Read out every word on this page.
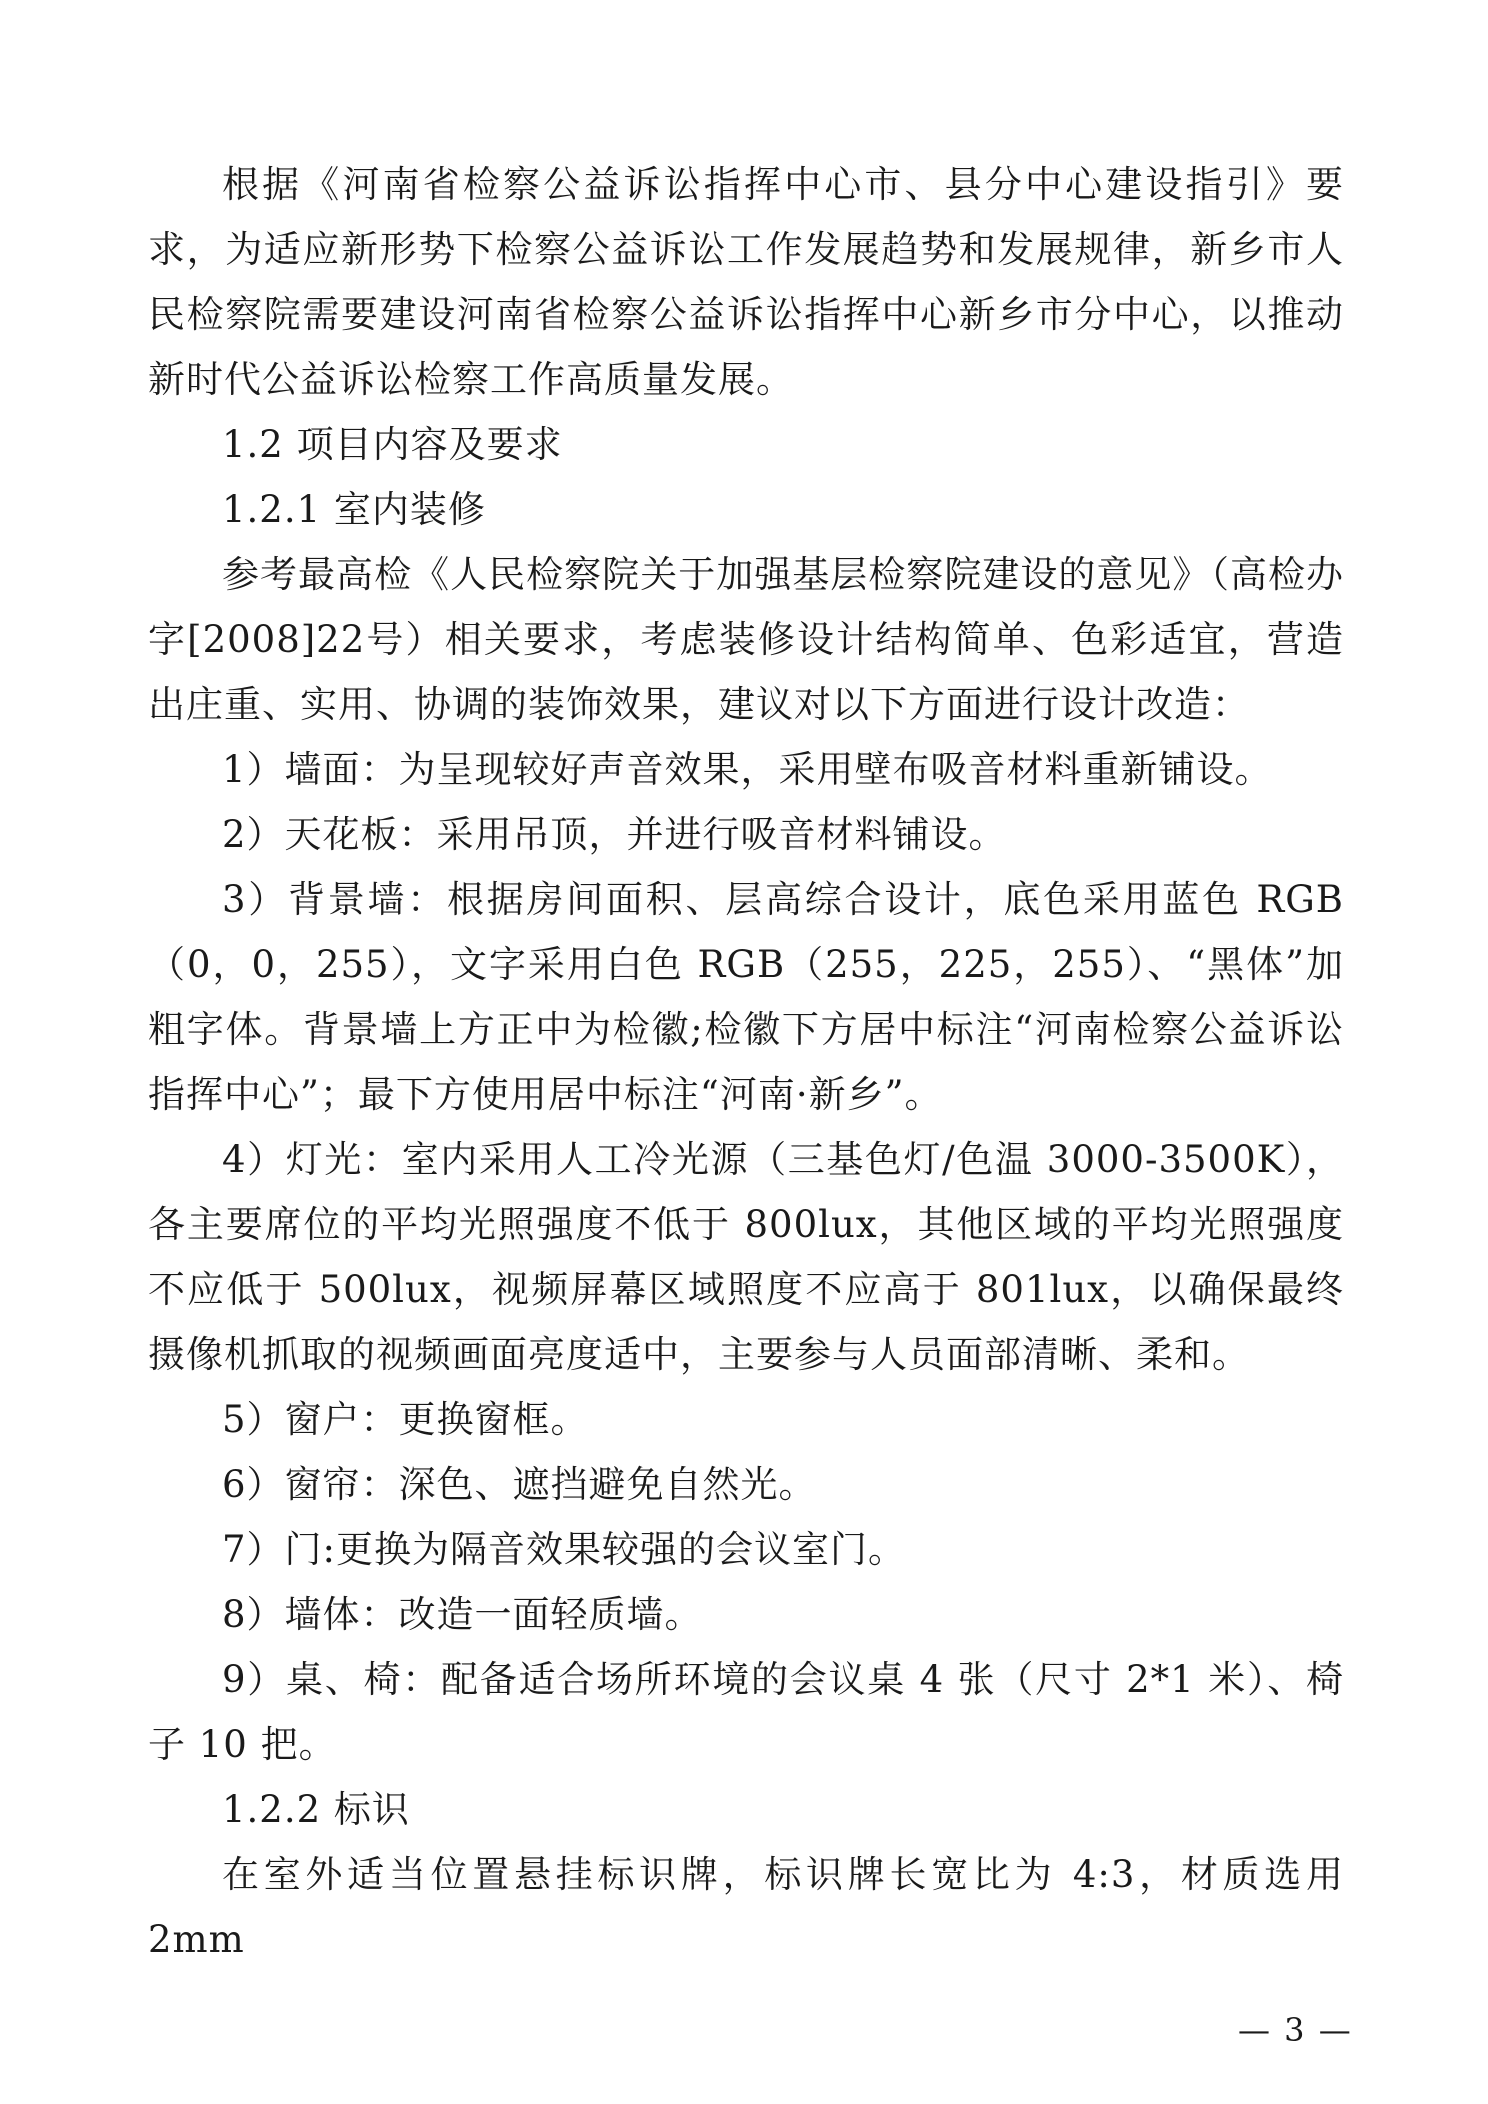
根据《河南省检察公益诉讼指挥中心市、县分中心建设指引》要求，为适应新形势下检察公益诉讼工作发展趋势和发展规律，新乡市人民检察院需要建设河南省检察公益诉讼指挥中心新乡市分中心，以推动新时代公益诉讼检察工作高质量发展。

1.2 项目内容及要求

1.2.1 室内装修

参考最高检《人民检察院关于加强基层检察院建设的意见》（高检办字[2008]22号）相关要求，考虑装修设计结构简单、色彩适宜，营造出庄重、实用、协调的装饰效果，建议对以下方面进行设计改造：

1）墙面：为呈现较好声音效果，采用壁布吸音材料重新铺设。

2）天花板：采用吊顶，并进行吸音材料铺设。

3）背景墙：根据房间面积、层高综合设计，底色采用蓝色 RGB（0，0，255），文字采用白色 RGB（255，225，255）、“黑体”加粗字体。背景墙上方正中为检徽;检徽下方居中标注“河南检察公益诉讼指挥中心”；最下方使用居中标注“河南·新乡”。

4）灯光：室内采用人工冷光源（三基色灯/色温 3000-3500K），各主要席位的平均光照强度不低于 800lux，其他区域的平均光照强度不应低于 500lux，视频屏幕区域照度不应高于 801lux，以确保最终摄像机抓取的视频画面亮度适中，主要参与人员面部清晰、柔和。

5）窗户：更换窗框。

6）窗帘：深色、遮挡避免自然光。

7）门:更换为隔音效果较强的会议室门。

8）墙体：改造一面轻质墙。

9）桌、椅：配备适合场所环境的会议桌 4 张（尺寸 2*1 米）、椅子 10 把。

1.2.2 标识

在室外适当位置悬挂标识牌，标识牌长宽比为 4:3，材质选用 2mm

— 3 —
